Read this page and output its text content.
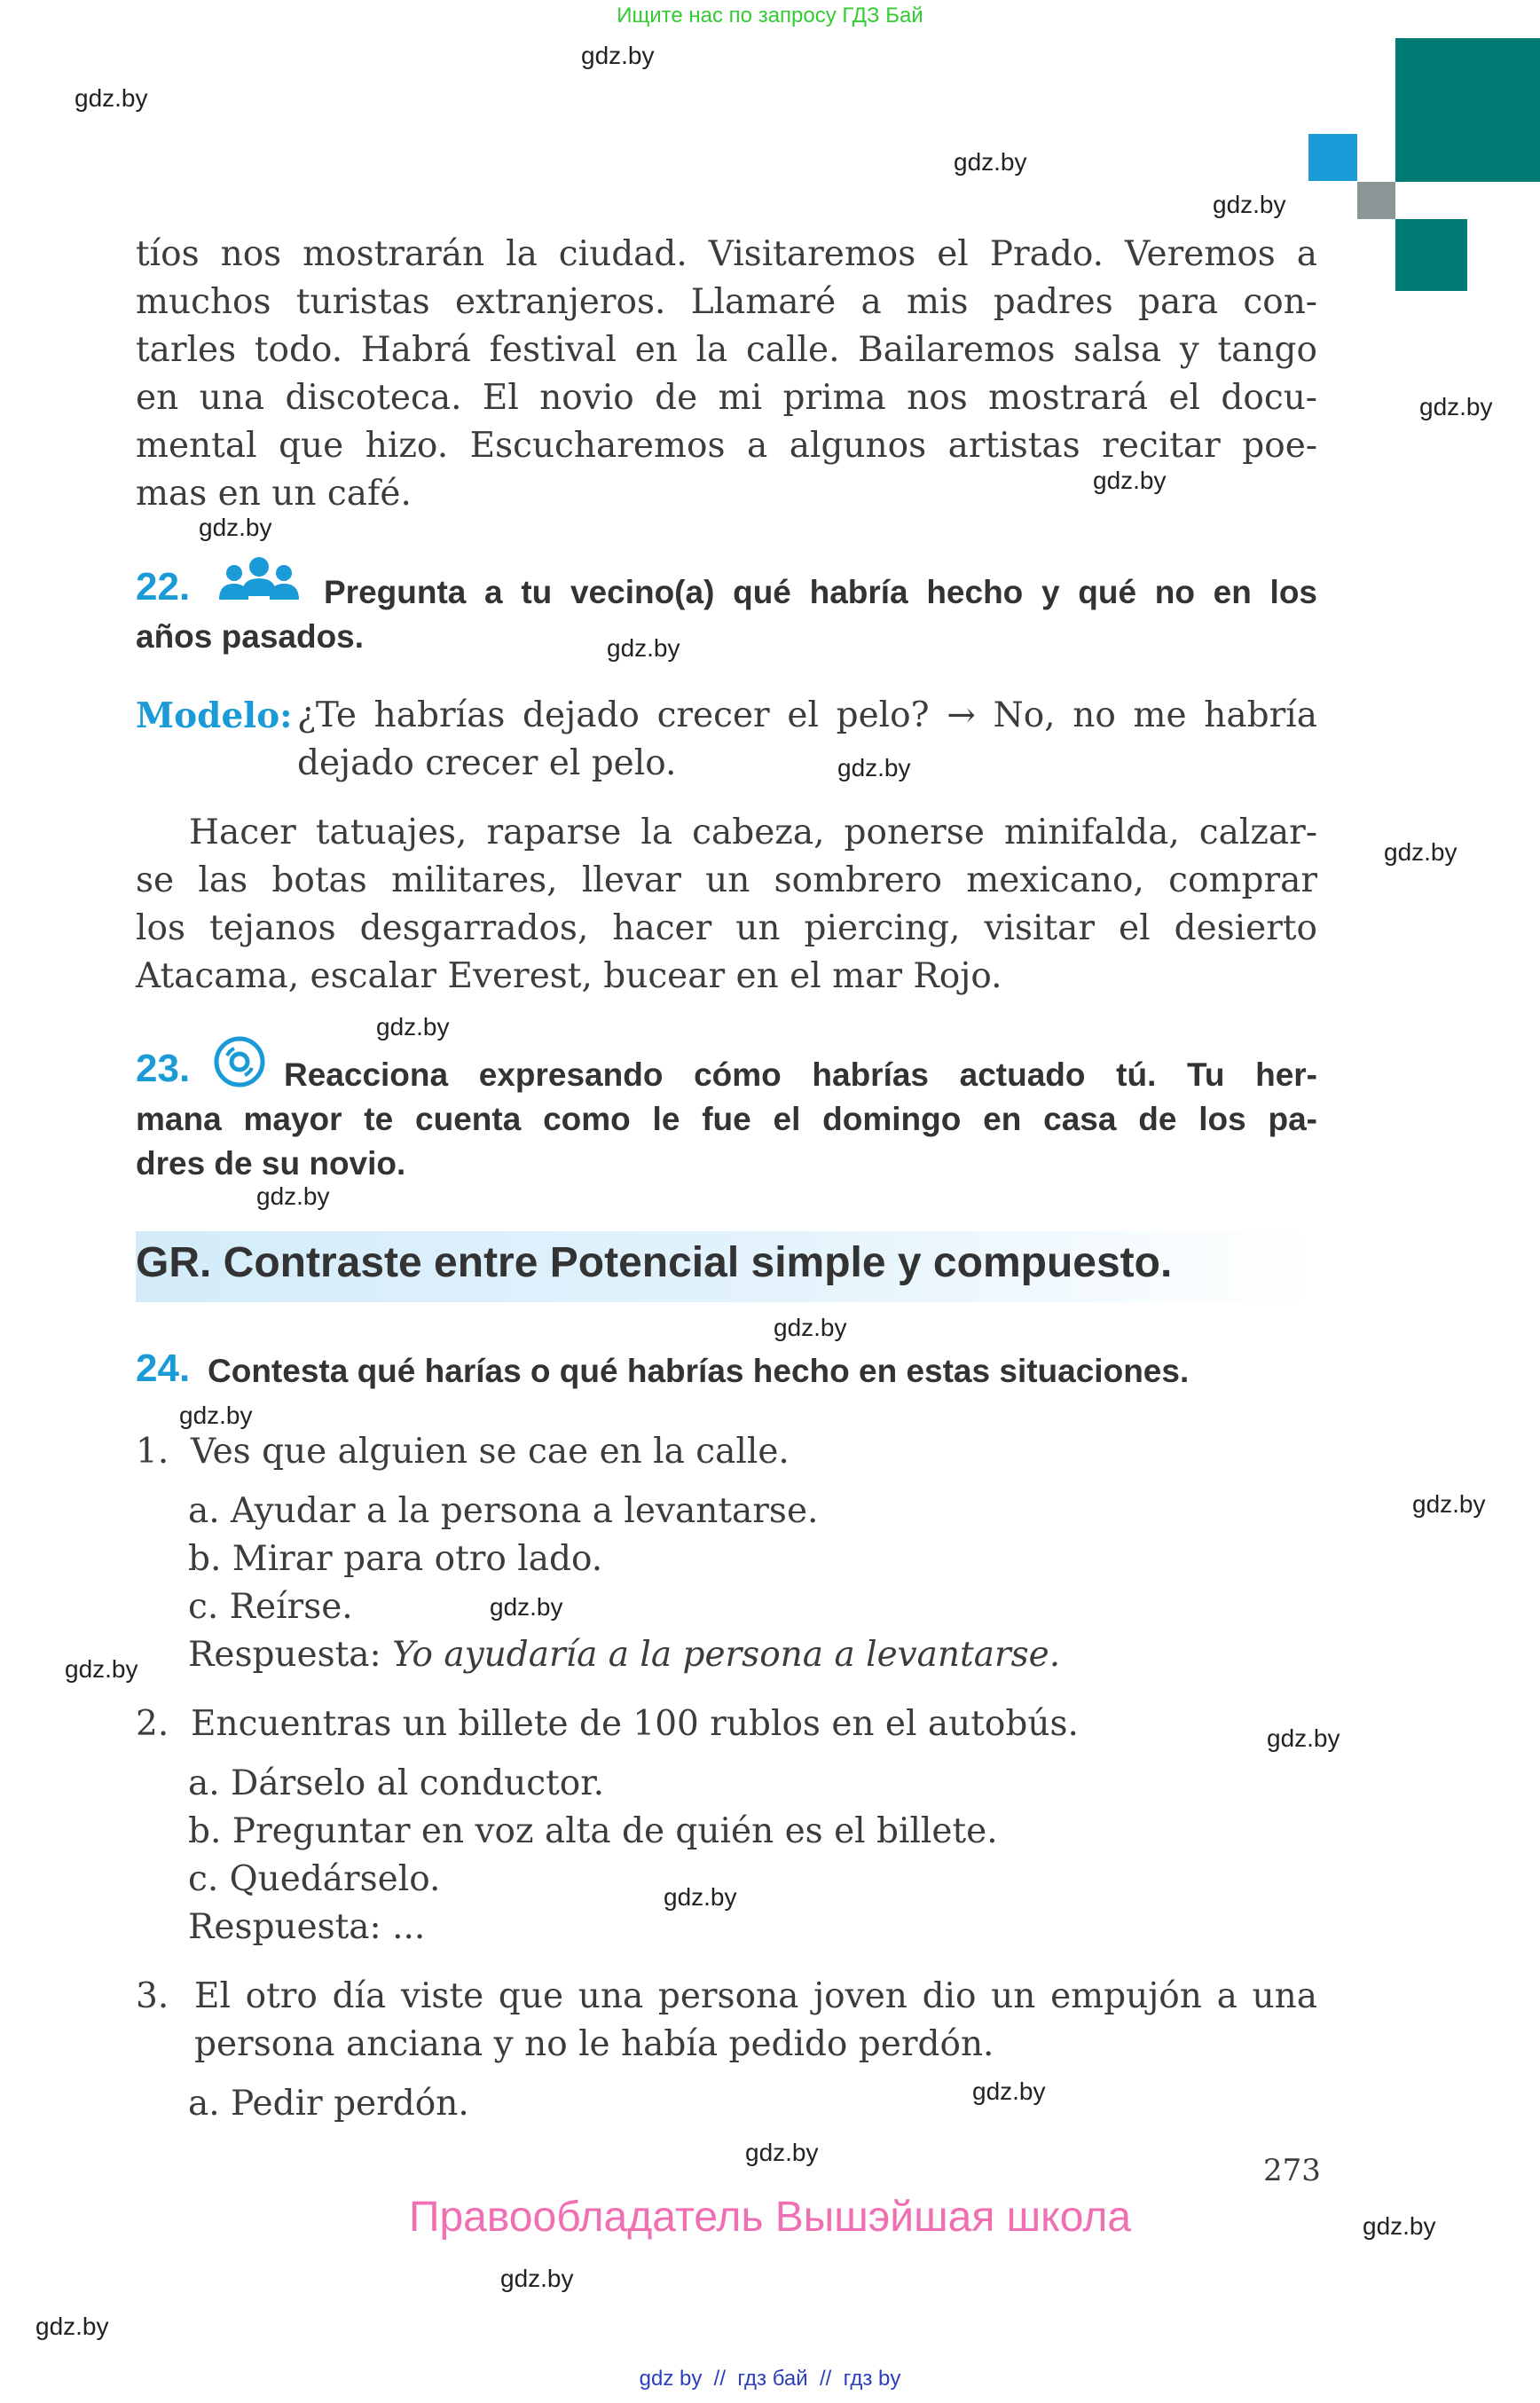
Ищите нас по запросу ГДЗ Бай
gdz.by
gdz.by
gdz.by
gdz.by
gdz.by
gdz.by
gdz.by
gdz.by
gdz.by
gdz.by
gdz.by
gdz.by
gdz.by
gdz.by
gdz.by
gdz.by
gdz.by
gdz.by
gdz.by
gdz.by
gdz.by
gdz.by
gdz.by
gdz.by
tíos nos mostrarán la ciudad. Visitaremos el Prado. Veremos a
muchos turistas extranjeros. Llamaré a mis padres para con-
tarles todo. Habrá festival en la calle. Bailaremos salsa y tango
en una discoteca. El novio de mi prima nos mostrará el docu-
mental que hizo. Escucharemos a algunos artistas recitar poe-
mas en un café.
22.	Pregunta a tu vecino(a) qué habría hecho y qué no en los
años pasados.
Modelo: ¿Te habrías dejado crecer el pelo? → No, no me habría
dejado crecer el pelo.
Hacer tatuajes, raparse la cabeza, ponerse minifalda, calzar-
se las botas militares, llevar un sombrero mexicano, comprar
los tejanos desgarrados, hacer un piercing, visitar el desierto
Atacama, escalar Everest, bucear en el mar Rojo.
23.	Reacciona expresando cómo habrías actuado tú. Tu her-
mana mayor te cuenta como le fue el domingo en casa de los pa-
dres de su novio.
GR. Contraste entre Potencial simple y compuesto.
24. Contesta qué harías o qué habrías hecho en estas situaciones.
1.  Ves que alguien se cae en la calle.
a. Ayudar a la persona a levantarse.
b. Mirar para otro lado.
c. Reírse.
Respuesta: Yo ayudaría a la persona a levantarse.
2.  Encuentras un billete de 100 rublos en el autobús.
a. Dárselo al conductor.
b. Preguntar en voz alta de quién es el billete.
c. Quedárselo.
Respuesta: ...
3. El otro día viste que una persona joven dio un empujón a una
persona anciana y no le había pedido perdón.
a. Pedir perdón.
273
Правообладатель Вышэйшая школа
gdz by  //  гдз бай  //  гдз by
